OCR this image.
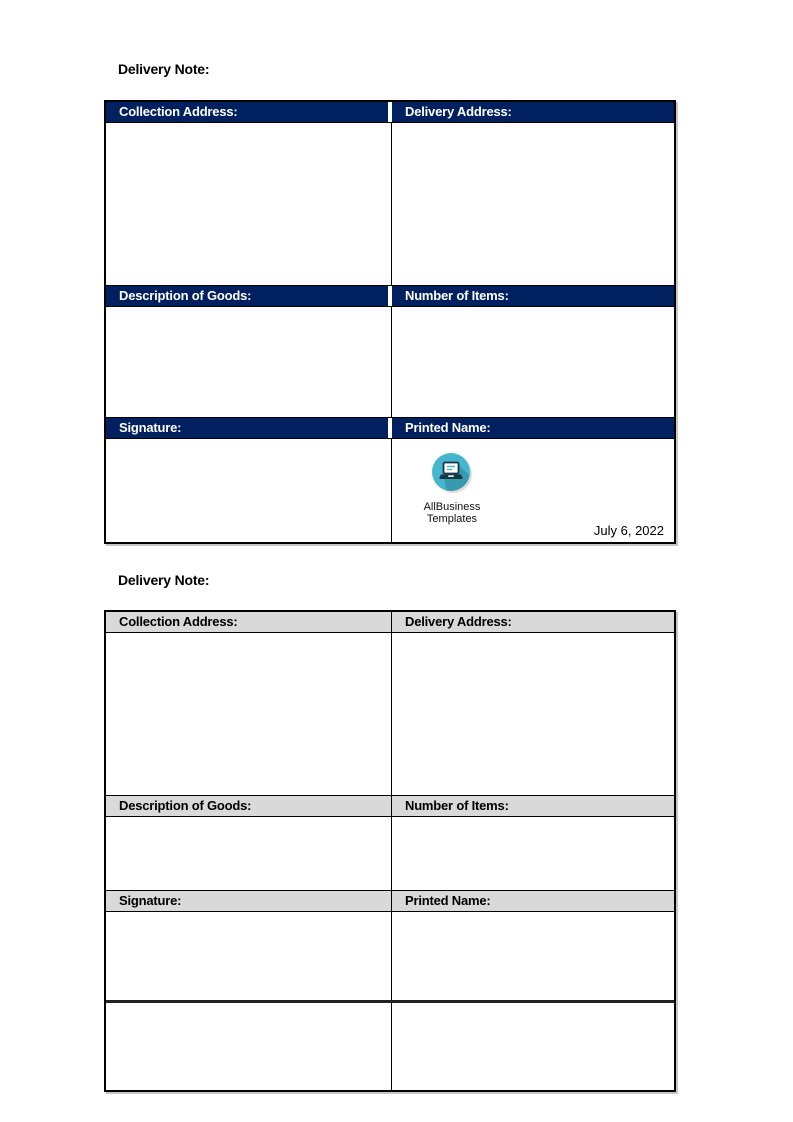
Delivery Note:
Collection Address:	Delivery Address:
Description of Goods:	Number of Items:
Signature:	Printed Name:
AllBusiness
Templates
July 6, 2022
Delivery Note:
Collection Address:	Delivery Address:
Description of Goods:	Number of Items:
Signature:	Printed Name:
